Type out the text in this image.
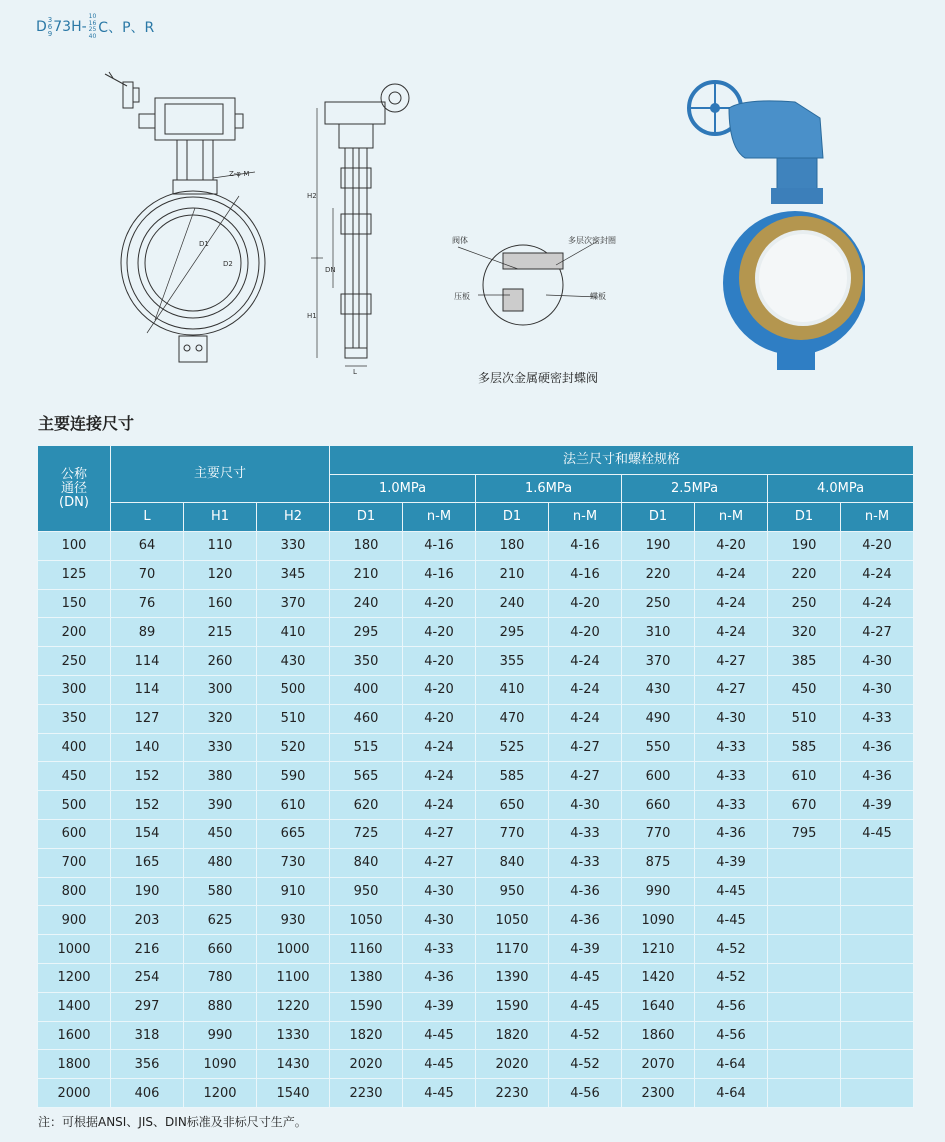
D 3
6
9 73H-
10
16
25
40 C、P、R
Z-φ-M
D1
D2
H2
DN
H1
L
阀体	多层次密封圈
压板	蝶板
多层次金属硬密封蝶阀
主要连接尺寸
公称
通径
(DN)	主要尺寸			法兰尺寸和螺栓规格							
				1.0MPa		1.6MPa		2.5MPa		4.0MPa	
	L	H1	H2	D1	n-M	D1	n-M	D1	n-M	D1	n-M
100	64	110	330	180	4-16	180	4-16	190	4-20	190	4-20
125	70	120	345	210	4-16	210	4-16	220	4-24	220	4-24
150	76	160	370	240	4-20	240	4-20	250	4-24	250	4-24
200	89	215	410	295	4-20	295	4-20	310	4-24	320	4-27
250	114	260	430	350	4-20	355	4-24	370	4-27	385	4-30
300	114	300	500	400	4-20	410	4-24	430	4-27	450	4-30
350	127	320	510	460	4-20	470	4-24	490	4-30	510	4-33
400	140	330	520	515	4-24	525	4-27	550	4-33	585	4-36
450	152	380	590	565	4-24	585	4-27	600	4-33	610	4-36
500	152	390	610	620	4-24	650	4-30	660	4-33	670	4-39
600	154	450	665	725	4-27	770	4-33	770	4-36	795	4-45
700	165	480	730	840	4-27	840	4-33	875	4-39		
800	190	580	910	950	4-30	950	4-36	990	4-45		
900	203	625	930	1050	4-30	1050	4-36	1090	4-45		
1000	216	660	1000	1160	4-33	1170	4-39	1210	4-52		
1200	254	780	1100	1380	4-36	1390	4-45	1420	4-52		
1400	297	880	1220	1590	4-39	1590	4-45	1640	4-56		
1600	318	990	1330	1820	4-45	1820	4-52	1860	4-56		
1800	356	1090	1430	2020	4-45	2020	4-52	2070	4-64		
2000	406	1200	1540	2230	4-45	2230	4-56	2300	4-64		
注：可根据ANSI、JIS、DIN标准及非标尺寸生产。
